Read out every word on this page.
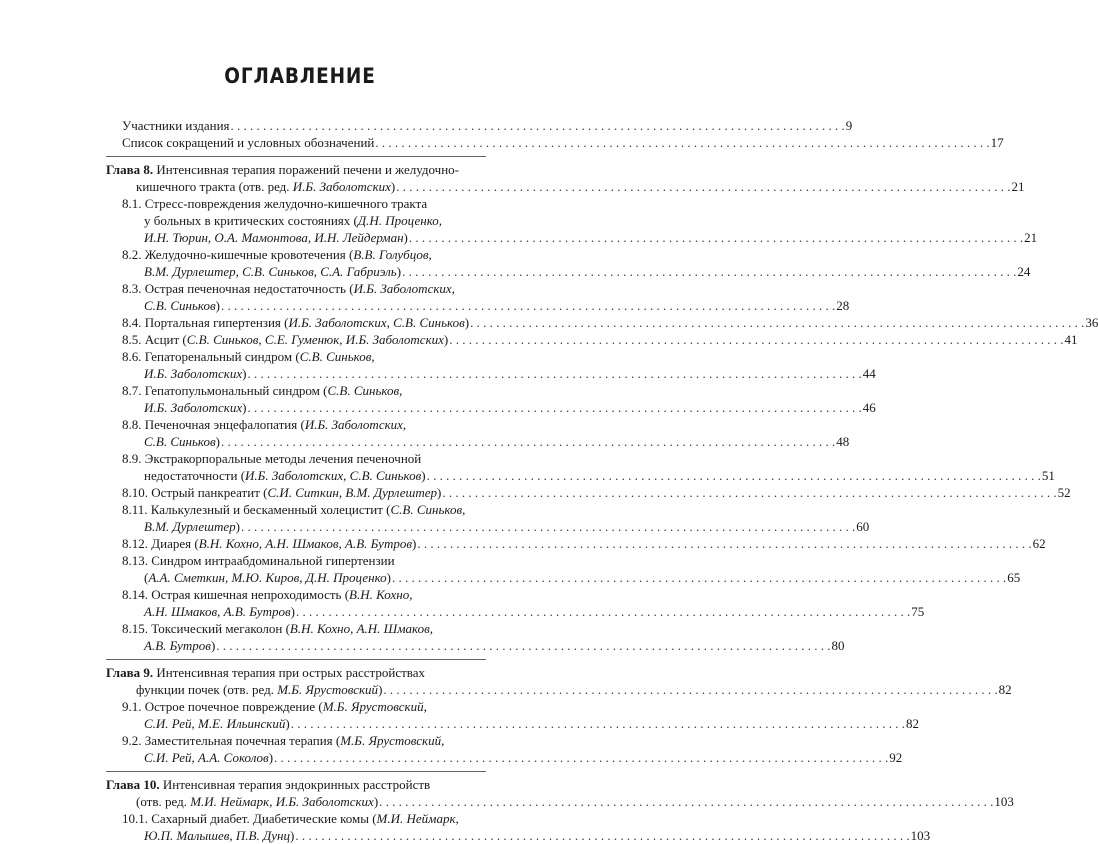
ОГЛАВЛЕНИЕ
Участники издания . . .	9
Список сокращений и условных обозначений . . .	17
Глава 8. Интенсивная терапия поражений печени и желудочно-
кишечного тракта (отв. ред. И.Б. Заболотских) . . .	21
8.1. Стресс-повреждения желудочно-кишечного тракта
у больных в критических состояниях (Д.Н. Проценко,
И.Н. Тюрин, О.А. Мамонтова, И.Н. Лейдерман) . . .	21
8.2. Желудочно-кишечные кровотечения (В.В. Голубцов,
В.М. Дурлештер, С.В. Синьков, С.А. Габриэль) . . .	24
8.3. Острая печеночная недостаточность (И.Б. Заболотских,
С.В. Синьков) . . .	28
8.4. Портальная гипертензия (И.Б. Заболотских, С.В. Синьков) . . .	36
8.5. Асцит (С.В. Синьков, С.Е. Гуменюк, И.Б. Заболотских) . . .	41
8.6. Гепаторенальный синдром (С.В. Синьков,
И.Б. Заболотских) . . .	44
8.7. Гепатопульмональный синдром (С.В. Синьков,
И.Б. Заболотских) . . .	46
8.8. Печеночная энцефалопатия (И.Б. Заболотских,
С.В. Синьков) . . .	48
8.9. Экстракорпоральные методы лечения печеночной
недостаточности (И.Б. Заболотских, С.В. Синьков) . . .	51
8.10. Острый панкреатит (С.И. Ситкин, В.М. Дурлештер) . . .	52
8.11. Калькулезный и бескаменный холецистит (С.В. Синьков,
В.М. Дурлештер) . . .	60
8.12. Диарея (В.Н. Кохно, А.Н. Шмаков, А.В. Бутров) . . .	62
8.13. Синдром интраабдоминальной гипертензии
(А.А. Сметкин, М.Ю. Киров, Д.Н. Проценко) . . .	65
8.14. Острая кишечная непроходимость (В.Н. Кохно,
А.Н. Шмаков, А.В. Бутров) . . .	75
8.15. Токсический мегаколон (В.Н. Кохно, А.Н. Шмаков,
А.В. Бутров) . . .	80
Глава 9. Интенсивная терапия при острых расстройствах
функции почек (отв. ред. М.Б. Ярустовский) . . .	82
9.1. Острое почечное повреждение (М.Б. Ярустовский,
С.И. Рей, М.Е. Ильинский) . . .	82
9.2. Заместительная почечная терапия (М.Б. Ярустовский,
С.И. Рей, А.А. Соколов) . . .	92
Глава 10. Интенсивная терапия эндокринных расстройств
(отв. ред. М.И. Неймарк, И.Б. Заболотских) . . .	103
10.1. Сахарный диабет. Диабетические комы (М.И. Неймарк,
Ю.П. Малышев, П.В. Дунц) . . .	103
